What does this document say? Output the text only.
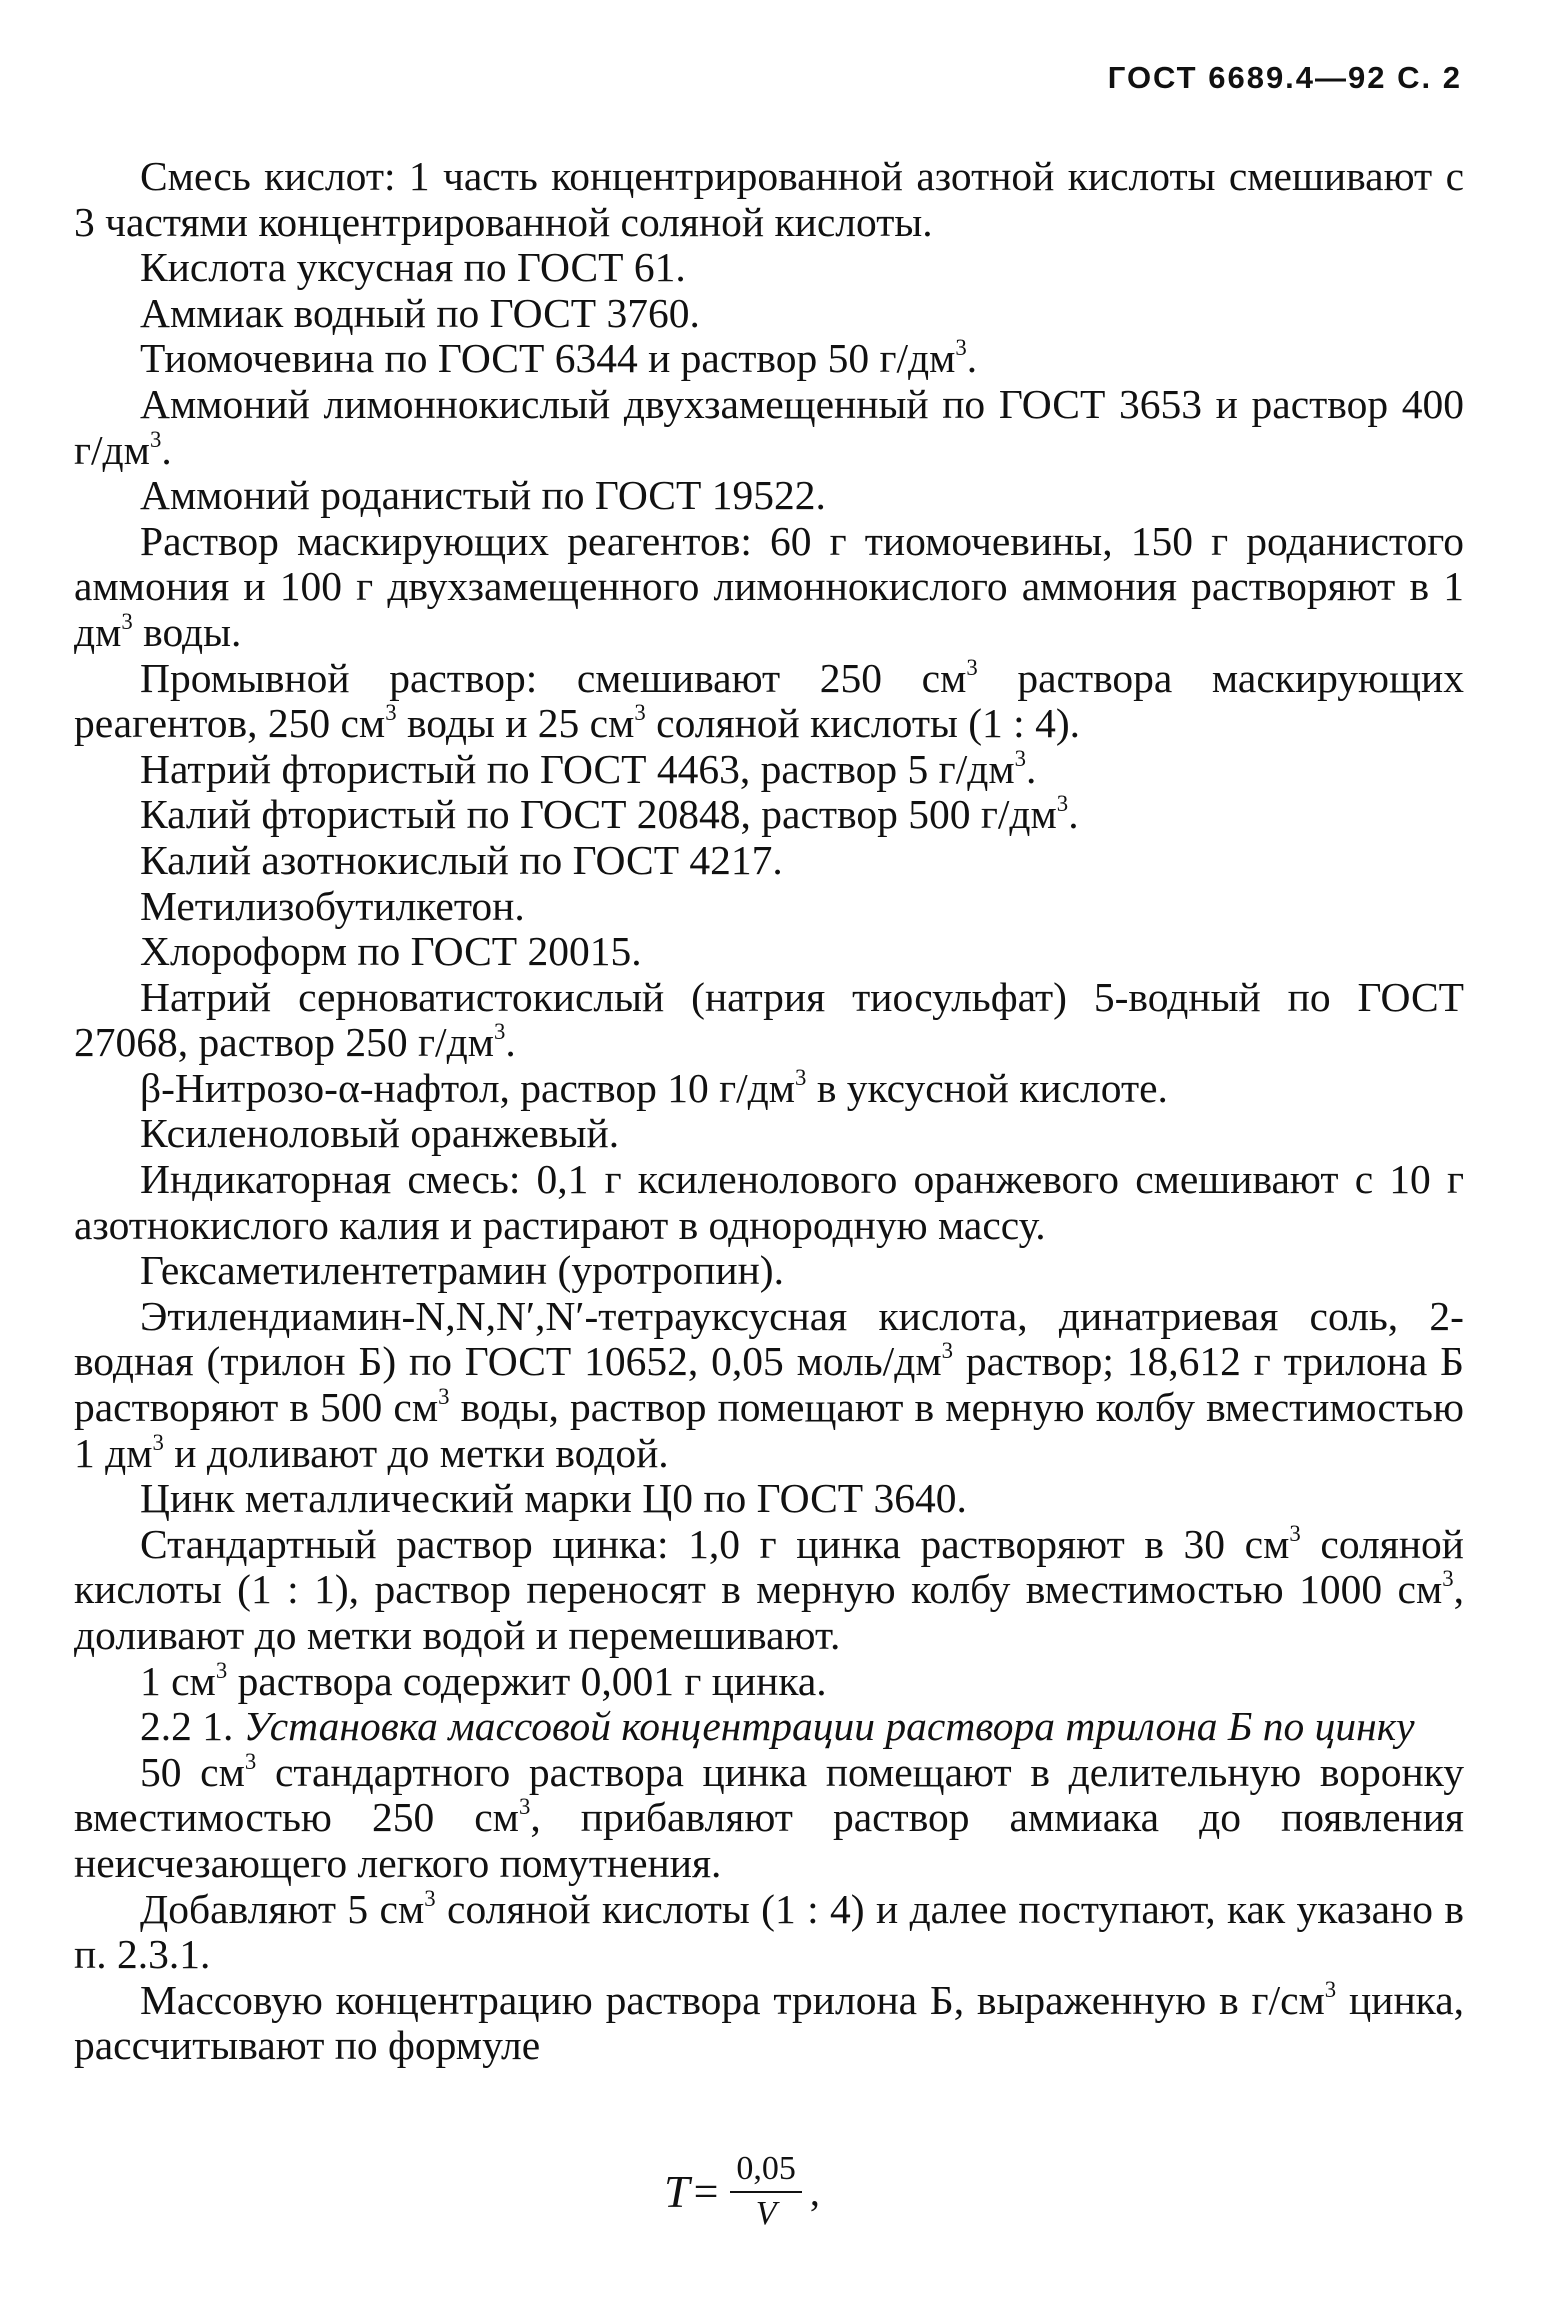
ГОСТ 6689.4—92 С. 2

Смесь кислот: 1 часть концентрированной азотной кислоты смешивают с 3 частями концентрированной соляной кислоты.

Кислота уксусная по ГОСТ 61.

Аммиак водный по ГОСТ 3760.

Тиомочевина по ГОСТ 6344 и раствор 50 $г/дм^3$.

Аммоний лимоннокислый двухзамещенный по ГОСТ 3653 и раствор 400 $г/дм^3$.

Аммоний роданистый по ГОСТ 19522.

Раствор маскирующих реагентов: 60 г тиомочевины, 150 г роданистого аммония и 100 г двухзамещенного лимоннокислого аммония растворяют в 1 $дм^3$ воды.

Промывной раствор: смешивают 250 $см^3$ раствора маскирующих реагентов, 250 $см^3$ воды и 25 $см^3$ соляной кислоты (1 : 4).

Натрий фтористый по ГОСТ 4463, раствор 5 $г/дм^3$.

Калий фтористый по ГОСТ 20848, раствор 500 $г/дм^3$.

Калий азотнокислый по ГОСТ 4217.

Метилизобутилкетон.

Хлороформ по ГОСТ 20015.

Натрий серноватистокислый (натрия тиосульфат) 5-водный по ГОСТ 27068, раствор 250 $г/дм^3$.

β-Нитрозо-α-нафтол, раствор 10 $г/дм^3$ в уксусной кислоте.

Ксиленоловый оранжевый.

Индикаторная смесь: 0,1 г ксиленолового оранжевого смешивают с 10 г азотнокислого калия и растирают в однородную массу.

Гексаметилентетрамин (уротропин).

Этилендиамин-N,N,N′,N′-тетрауксусная кислота, динатриевая соль, 2-водная (трилон Б) по ГОСТ 10652, 0,05 моль/$дм^3$ раствор; 18,612 г трилона Б растворяют в 500 $см^3$ воды, раствор помещают в мерную колбу вместимостью 1 $дм^3$ и доливают до метки водой.

Цинк металлический марки Ц0 по ГОСТ 3640.

Стандартный раствор цинка: 1,0 г цинка растворяют в 30 $см^3$ соляной кислоты (1 : 1), раствор переносят в мерную колбу вместимостью 1000 $см^3$, доливают до метки водой и перемешивают.

1 $см^3$ раствора содержит 0,001 г цинка.

2.2 1. Установка массовой концентрации раствора трилона Б по цинку

50 $см^3$ стандартного раствора цинка помещают в делительную воронку вместимостью 250 $см^3$, прибавляют раствор аммиака до появления неисчезающего легкого помутнения.

Добавляют 5 $см^3$ соляной кислоты (1 : 4) и далее поступают, как указано в п. 2.3.1.

Массовую концентрацию раствора трилона Б, выраженную в $г/см^3$ цинка, рассчитывают по формуле

$T = \frac{0,05}{V}$ ,
